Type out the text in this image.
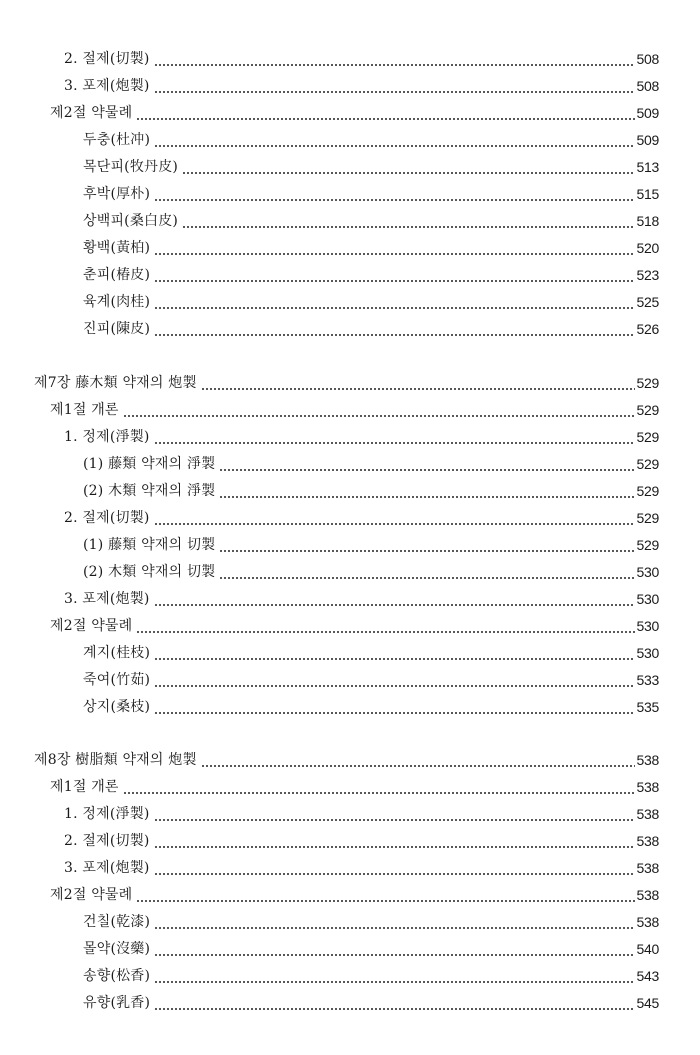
2. 절제(切製)	508
3. 포제(炮製)	508
제2절 약물례	509
두충(杜冲)	509
목단피(牧丹皮)	513
후박(厚朴)	515
상백피(桑白皮)	518
황백(黃柏)	520
춘피(椿皮)	523
육계(肉桂)	525
진피(陳皮)	526
제7장 藤木類 약재의 炮製	529
제1절 개론	529
1. 정제(淨製)	529
(1) 藤類 약재의 淨製	529
(2) 木類 약재의 淨製	529
2. 절제(切製)	529
(1) 藤類 약재의 切製	529
(2) 木類 약재의 切製	530
3. 포제(炮製)	530
제2절 약물례	530
계지(桂枝)	530
죽여(竹茹)	533
상지(桑枝)	535
제8장 樹脂類 약재의 炮製	538
제1절 개론	538
1. 정제(淨製)	538
2. 절제(切製)	538
3. 포제(炮製)	538
제2절 약물례	538
건칠(乾漆)	538
몰약(沒藥)	540
송향(松香)	543
유향(乳香)	545
